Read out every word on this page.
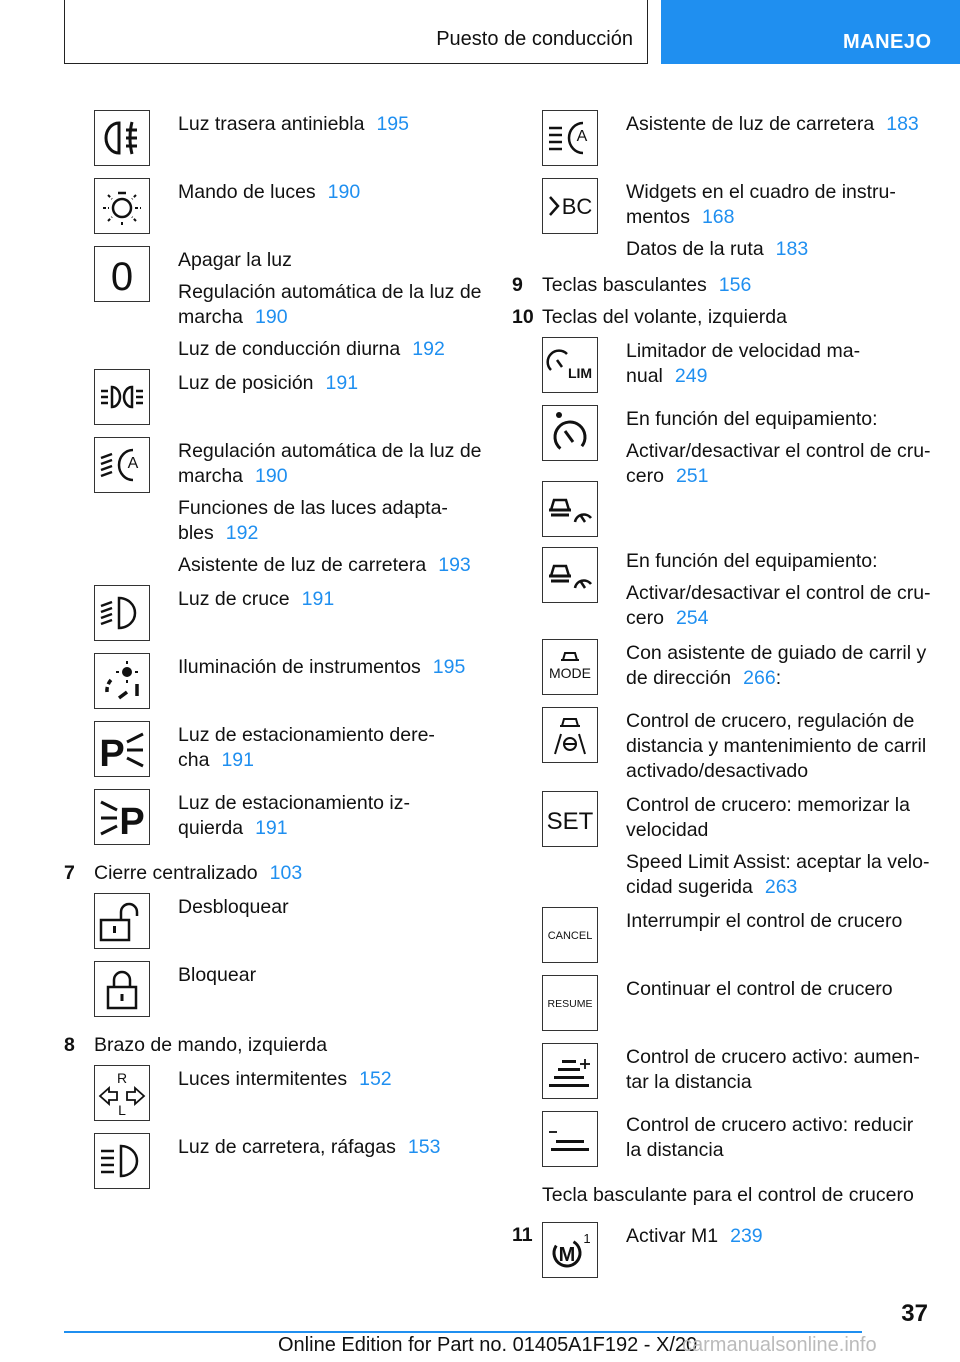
Puesto de conducción	MANEJO

Luz trasera antiniebla 195

Mando de luces 190

0 Apagar la luz

Regulación automática de la luz de marcha 190

Luz de conducción diurna 192

Luz de posición 191

A

Regulación automática de la luz de marcha 190

Funciones de las luces adaptables 192

Asistente de luz de carretera 193

Luz de cruce 191

Iluminación de instrumentos 195

P	Luz de estacionamiento derecha 191

P Luz de estacionamiento izquierda 191

7 Cierre centralizado 103

Desbloquear

Bloquear

8 Brazo de mando, izquierda
R
L

Luces intermitentes 152

Luz de carretera, ráfagas 153

A

Asistente de luz de carretera 183

BC

Widgets en el cuadro de instrumentos 168

Datos de la ruta 183

9 Teclas basculantes 156
10 Teclas del volante, izquierda
LIM

Limitador de velocidad manual 249

En función del equipamiento:

Activar/desactivar el control de crucero 251

En función del equipamiento:

Activar/desactivar el control de crucero 254

MODE

Con asistente de guiado de carril y de dirección 266:

Control de crucero, regulación de distancia y mantenimiento de carril activado/desactivado

SET

Control de crucero: memorizar la velocidad

Speed Limit Assist: aceptar la velocidad sugerida 263

CANCEL

Interrumpir el control de crucero

RESUME

Continuar el control de crucero

Control de crucero activo: aumentar la distancia

Control de crucero activo: reducir la distancia

Tecla basculante para el control de crucero

11
M
1 Activar M1 239

37
Online Edition for Part no. 01405A1F192 - X/20
carmanualsonline.info
